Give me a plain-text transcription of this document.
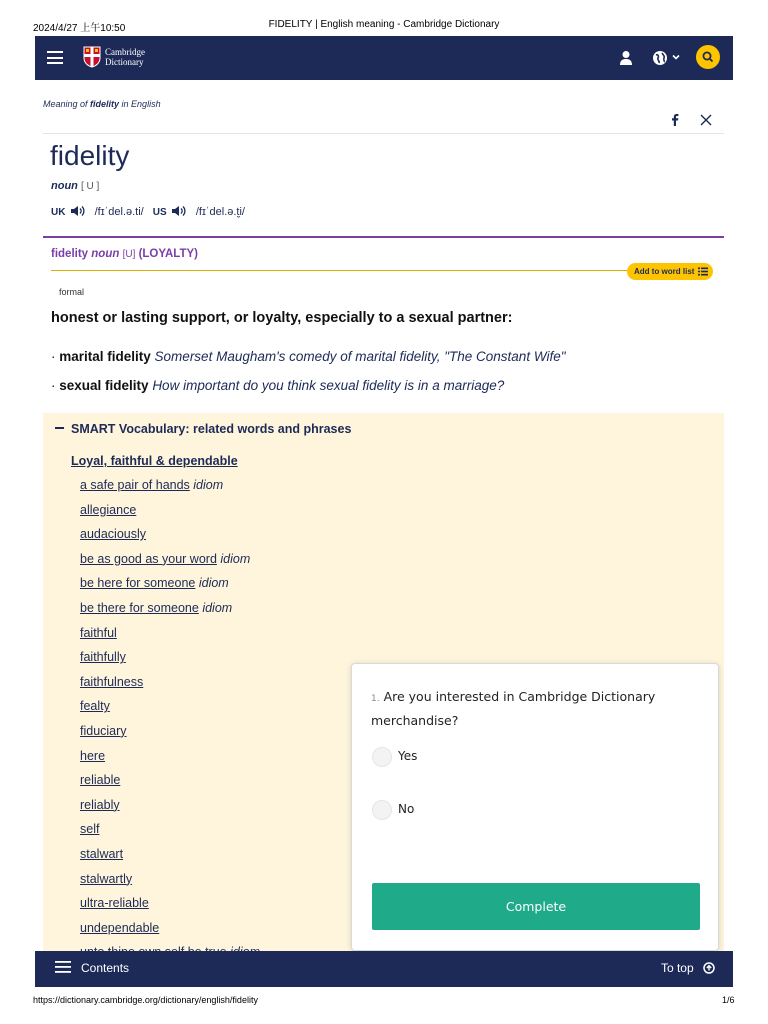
2024/4/27 上午10:50	FIDELITY | English meaning - Cambridge Dictionary
Cambridge
Dictionary
Meaning of fidelity in English
fidelity
noun [ U ]
UK	/fɪˈdel.ə.ti/ US	/fɪˈdel.ə.t̬i/
fidelity noun [U] (LOYALTY)
Add to word list
formal
honest or lasting support, or loyalty, especially to a sexual partner:
· marital fidelity Somerset Maugham's comedy of marital fidelity, "The Constant Wife"
· sexual fidelity How important do you think sexual fidelity is in a marriage?
SMART Vocabulary: related words and phrases
Loyal, faithful & dependable
a safe pair of hands idiom
allegiance
audaciously
be as good as your word idiom
be here for someone idiom
be there for someone idiom
faithful
faithfully
faithfulness
fealty
fiduciary
here
reliable
reliably
self
stalwart
stalwartly
ultra-reliable
undependable
1. Are you interested in Cambridge Dictionary merchandise?
Yes
No
Complete
Contents	To top
https://dictionary.cambridge.org/dictionary/english/fidelity	1/6
